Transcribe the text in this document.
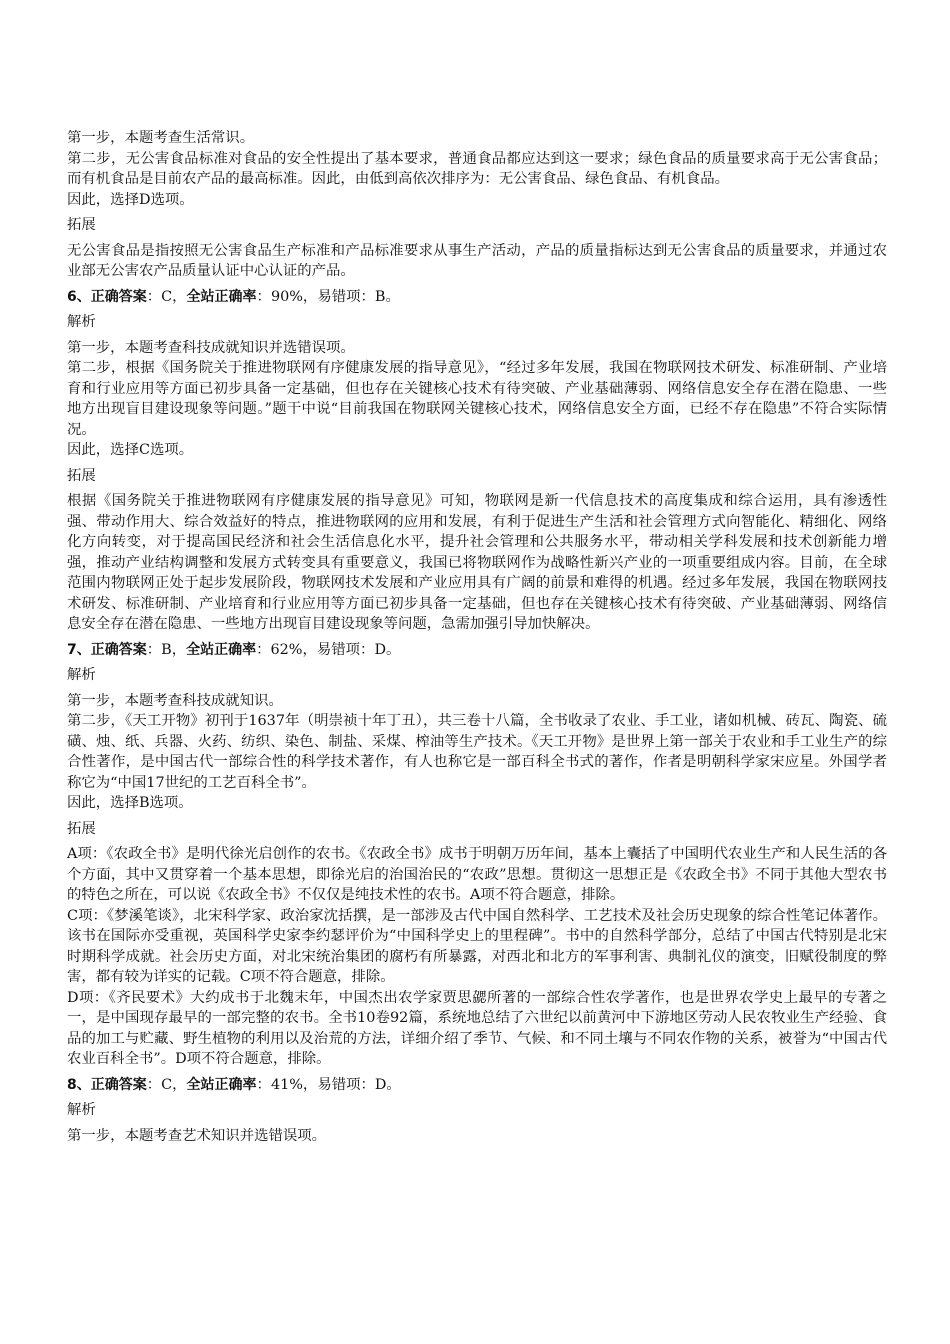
第一步，本题考查生活常识。

第二步，无公害食品标准对食品的安全性提出了基本要求，普通食品都应达到这一要求；绿色食品的质量要求高于无公害食品；而有机食品是目前农产品的最高标准。因此，由低到高依次排序为：无公害食品、绿色食品、有机食品。

因此，选择D选项。

拓展

无公害食品是指按照无公害食品生产标准和产品标准要求从事生产活动，产品的质量指标达到无公害食品的质量要求，并通过农业部无公害农产品质量认证中心认证的产品。

6、正确答案：C，全站正确率：90%，易错项：B。

解析

第一步，本题考查科技成就知识并选错误项。

第二步，根据《国务院关于推进物联网有序健康发展的指导意见》，“经过多年发展，我国在物联网技术研发、标准研制、产业培育和行业应用等方面已初步具备一定基础，但也存在关键核心技术有待突破、产业基础薄弱、网络信息安全存在潜在隐患、一些地方出现盲目建设现象等问题。”题干中说“目前我国在物联网关键核心技术，网络信息安全方面，已经不存在隐患”不符合实际情况。

因此，选择C选项。

拓展

根据《国务院关于推进物联网有序健康发展的指导意见》可知，物联网是新一代信息技术的高度集成和综合运用，具有渗透性强、带动作用大、综合效益好的特点，推进物联网的应用和发展，有利于促进生产生活和社会管理方式向智能化、精细化、网络化方向转变，对于提高国民经济和社会生活信息化水平，提升社会管理和公共服务水平，带动相关学科发展和技术创新能力增强，推动产业结构调整和发展方式转变具有重要意义，我国已将物联网作为战略性新兴产业的一项重要组成内容。目前，在全球范围内物联网正处于起步发展阶段，物联网技术发展和产业应用具有广阔的前景和难得的机遇。经过多年发展，我国在物联网技术研发、标准研制、产业培育和行业应用等方面已初步具备一定基础，但也存在关键核心技术有待突破、产业基础薄弱、网络信息安全存在潜在隐患、一些地方出现盲目建设现象等问题，急需加强引导加快解决。

7、正确答案：B，全站正确率：62%，易错项：D。

解析

第一步，本题考查科技成就知识。

第二步，《天工开物》初刊于1637年（明崇祯十年丁丑），共三卷十八篇，全书收录了农业、手工业，诸如机械、砖瓦、陶瓷、硫磺、烛、纸、兵器、火药、纺织、染色、制盐、采煤、榨油等生产技术。《天工开物》是世界上第一部关于农业和手工业生产的综合性著作，是中国古代一部综合性的科学技术著作，有人也称它是一部百科全书式的著作，作者是明朝科学家宋应星。外国学者称它为“中国17世纪的工艺百科全书”。

因此，选择B选项。

拓展

A项：《农政全书》是明代徐光启创作的农书。《农政全书》成书于明朝万历年间，基本上囊括了中国明代农业生产和人民生活的各个方面，其中又贯穿着一个基本思想，即徐光启的治国治民的“农政”思想。贯彻这一思想正是《农政全书》不同于其他大型农书的特色之所在，可以说《农政全书》不仅仅是纯技术性的农书。A项不符合题意，排除。

C项：《梦溪笔谈》，北宋科学家、政治家沈括撰，是一部涉及古代中国自然科学、工艺技术及社会历史现象的综合性笔记体著作。该书在国际亦受重视，英国科学史家李约瑟评价为“中国科学史上的里程碑”。书中的自然科学部分，总结了中国古代特别是北宋时期科学成就。社会历史方面，对北宋统治集团的腐朽有所暴露，对西北和北方的军事利害、典制礼仪的演变，旧赋役制度的弊害，都有较为详实的记载。C项不符合题意，排除。

D项：《齐民要术》大约成书于北魏末年，中国杰出农学家贾思勰所著的一部综合性农学著作，也是世界农学史上最早的专著之一，是中国现存最早的一部完整的农书。全书10卷92篇，系统地总结了六世纪以前黄河中下游地区劳动人民农牧业生产经验、食品的加工与贮藏、野生植物的利用以及治荒的方法，详细介绍了季节、气候、和不同土壤与不同农作物的关系，被誉为“中国古代农业百科全书”。D项不符合题意，排除。

8、正确答案：C，全站正确率：41%，易错项：D。

解析

第一步，本题考查艺术知识并选错误项。
